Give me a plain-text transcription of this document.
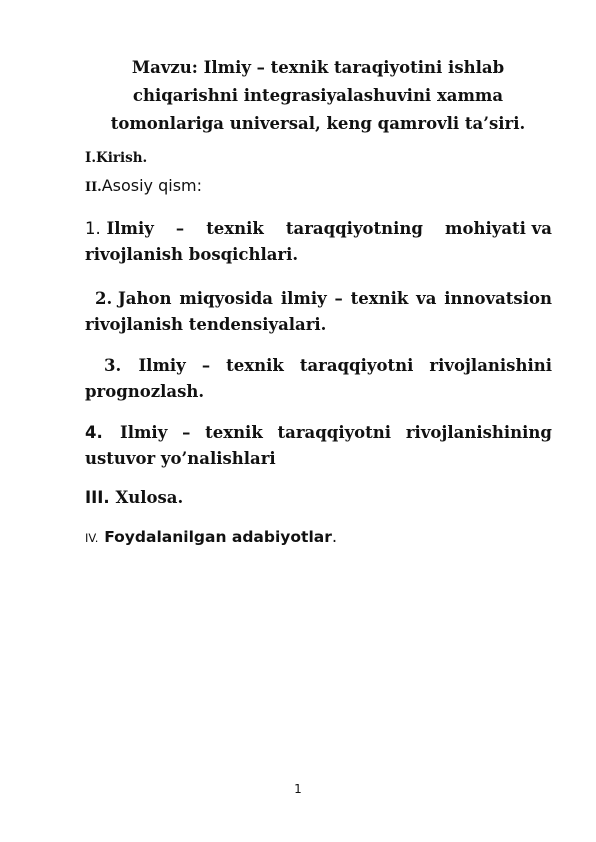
Mavzu: Ilmiy – texnik taraqiyotini ishlab
chiqarishni integrasiyalashuvini xamma
tomonlariga universal, keng qamrovli ta’siri.
I.Kirish.
II.Asosiy qism:
1. Ilmiy – texnik taraqqiyotning mohiyati va
rivojlanish bosqichlari.
2. Jahon miqyosida ilmiy – texnik va innovatsion
rivojlanish tendensiyalari.
3. Ilmiy – texnik taraqqiyotni rivojlanishini
prognozlash.
4. Ilmiy – texnik taraqqiyotni rivojlanishining
ustuvor yo’nalishlari
III. Xulosa.
IV. Foydalanilgan adabiyotlar.
1
